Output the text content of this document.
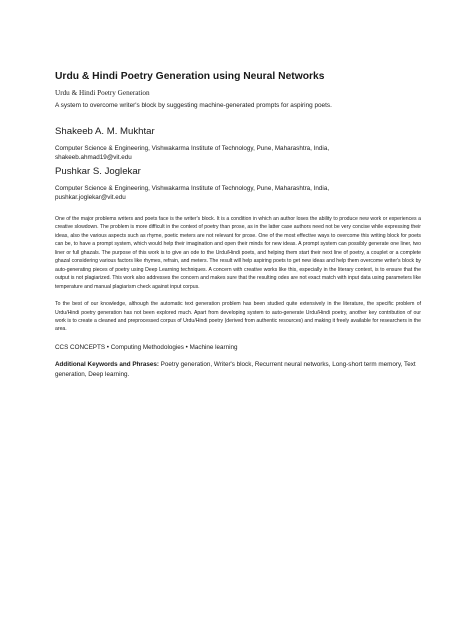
Urdu & Hindi Poetry Generation using Neural Networks
Urdu & Hindi Poetry Generation
A system to overcome writer's block by suggesting machine-generated prompts for aspiring poets.
Shakeeb A. M. Mukhtar
Computer Science & Engineering, Vishwakarma Institute of Technology, Pune, Maharashtra, India,
shakeeb.ahmad19@vit.edu
Pushkar S. Joglekar
Computer Science & Engineering, Vishwakarma Institute of Technology, Pune, Maharashtra, India,
pushkar.joglekar@vit.edu

One of the major problems writers and poets face is the writer's block. It is a condition in which an author loses the ability to produce new work or experiences a creative slowdown. The problem is more difficult in the context of poetry than prose, as in the latter case authors need not be very concise while expressing their ideas, also the various aspects such as rhyme, poetic meters are not relevant for prose. One of the most effective ways to overcome this writing block for poets can be, to have a prompt system, which would help their imagination and open their minds for new ideas. A prompt system can possibly generate one liner, two liner or full ghazals. The purpose of this work is to give an ode to the Urdu/Hindi poets, and helping them start their next line of poetry, a couplet or a complete ghazal considering various factors like rhymes, refrain, and meters. The result will help aspiring poets to get new ideas and help them overcome writer's block by auto-generating pieces of poetry using Deep Learning techniques. A concern with creative works like this, especially in the literary context, is to ensure that the output is not plagiarized. This work also addresses the concern and makes sure that the resulting odes are not exact match with input data using parameters like temperature and manual plagiarism check against input corpus.

To the best of our knowledge, although the automatic text generation problem has been studied quite extensively in the literature, the specific problem of Urdu/Hindi poetry generation has not been explored much. Apart from developing system to auto-generate Urdu/Hindi poetry, another key contribution of our work is to create a cleaned and preprocessed corpus of Urdu/Hindi poetry (derived from authentic resources) and making it freely available for researchers in the area.

CCS CONCEPTS • Computing Methodologies • Machine learning
Additional Keywords and Phrases: Poetry generation, Writer's block, Recurrent neural networks, Long-short term memory, Text generation, Deep learning.
